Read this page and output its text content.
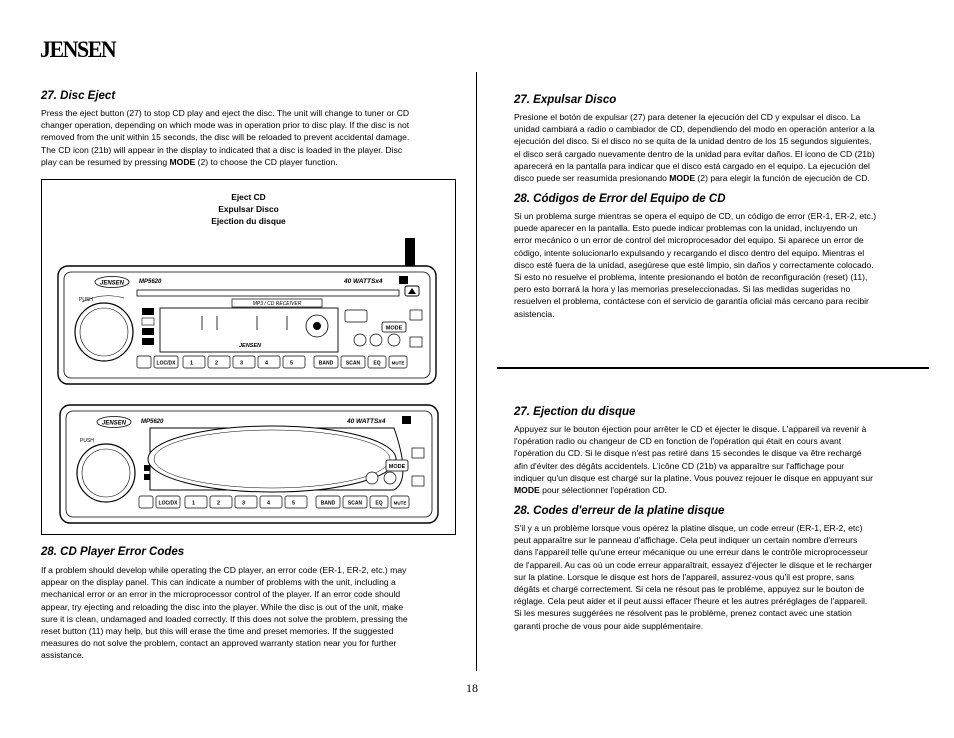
JENSEN
27. Disc Eject

Press the eject button (27) to stop CD play and eject the disc. The unit will change to tuner or CD

changer operation, depending on which mode was in operation prior to disc play. If the disc is not

removed from the unit within 15 seconds, the disc will be reloaded to prevent accidental damage.

The CD icon (21b) will appear in the display to indicated that a disc is loaded in the player. Disc

play can be resumed by pressing MODE (2) to choose the CD player function.

Eject CD
Expulsar Disco
Ejection du disque
JENSEN MP5620	40 WATTSx4
MP3 / CD RECEIVER
PUSH
JENSEN
MODE
LOC/DX	1	2	3	4	5	BAND	SCAN	EQ MUTE
JENSEN MP5620	40 WATTSx4
PUSH
MODE
LOC/DX	1	2	3	4	5	BAND	SCAN	EQ MUTE
28. CD Player Error Codes

If a problem should develop while operating the CD player, an error code (ER-1, ER-2, etc.) may

appear on the display panel. This can indicate a number of problems with the unit, including a

mechanical error or an error in the microprocessor control of the player. If an error code should

appear, try ejecting and reloading the disc into the player. While the disc is out of the unit, make

sure it is clean, undamaged and loaded correctly. If this does not solve the problem, pressing the

reset button (11) may help, but this will erase the time and preset memories. If the suggested

measures do not solve the problem, contact an approved warranty station near you for further

assistance.

27. Expulsar Disco

Presione el botón de expulsar (27) para detener la ejecución del CD y expulsar el disco. La

unidad cambiará a radio o cambiador de CD, dependiendo del modo en operación anterior a la

ejecución del disco. Si el disco no se quita de la unidad dentro de los 15 segundos siguientes,

el disco será cargado nuevamente dentro de la unidad para evitar daños. El icono de CD (21b)

aparecerá en la pantalla para indicar que el disco está cargado en el equipo. La ejecución del

disco puede ser reasumida presionando MODE (2) para elegir la función de ejecución de CD.

28. Códigos de Error del Equipo de CD

Si un problema surge mientras se opera el equipo de CD, un código de error (ER-1, ER-2, etc.)

puede aparecer en la pantalla. Esto puede indicar problemas con la unidad, incluyendo un

error mecánico o un error de control del microprocesador del equipo. Si aparece un error de

código, intente solucionarlo expulsando y recargando el disco dentro del equipo. Mientras el

disco esté fuera de la unidad, asegúrese que esté limpio, sin daños y correctamente colocado.

Si esto no resuelve el problema, intente presionando el botón de reconfiguración (reset) (11),

pero esto borrará la hora y las memorias preseleccionadas. Si las medidas sugeridas no

resuelven el problema, contáctese con el servicio de garantía oficial más cercano para recibir

asistencia.

27. Ejection du disque

Appuyez sur le bouton éjection pour arrêter le CD et éjecter le disque. L'appareil va revenir à

l'opération radio ou changeur de CD en fonction de l'opération qui était en cours avant

l'opération du CD. Si le disque n'est pas retiré dans 15 secondes le disque va être rechargé

afin d'éviter des dégâts accidentels. L'icône CD (21b) va apparaître sur l'affichage pour

indiquer qu'un disque est chargé sur la platine. Vous pouvez rejouer le disque en appuyant sur

MODE pour sélectionner l'opération CD.

28. Codes d'erreur de la platine disque

S'il y a un problème lorsque vous opérez la platine disque, un code erreur (ER-1, ER-2, etc)

peut apparaître sur le panneau d'affichage. Cela peut indiquer un certain nombre d'erreurs

dans l'appareil telle qu'une erreur mécanique ou une erreur dans le contrôle microprocesseur

de l'appareil. Au cas où un code erreur apparaîtrait, essayez d'éjecter le disque et le recharger

sur la platine. Lorsque le disque est hors de l'appareil, assurez-vous qu'il est propre, sans

dégâts et chargé correctement. Si cela ne résout pas le problème, appuyez sur le bouton de

réglage. Cela peut aider et il peut aussi effacer l'heure et les autres préréglages de l'appareil.

Si les mesures suggérées ne résolvent pas le problème, prenez contact avec une station

garanti proche de vous pour aide supplémentaire.

18
